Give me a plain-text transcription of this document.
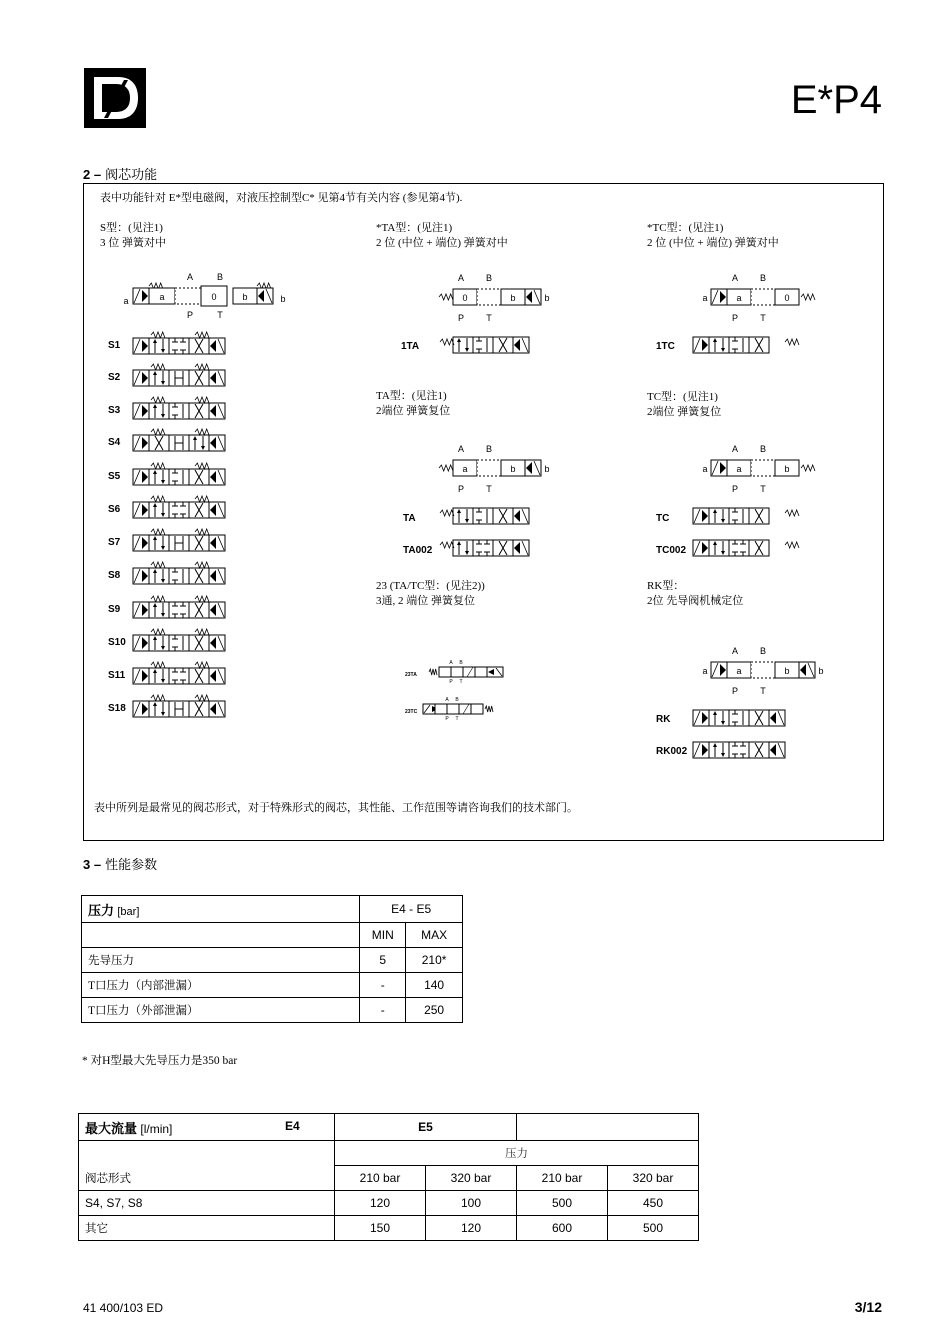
E*P4
2 – 阀芯功能
表中功能针对 E*型电磁阀，对液压控制型C* 见第4节有关内容 (参见第4节).
S型：(见注1)
3 位 弹簧对中
*TA型：(见注1)
2 位 (中位 + 端位) 弹簧对中
*TC型：(见注1)
2 位 (中位 + 端位) 弹簧对中
TA型：(见注1)
2端位 弹簧复位
TC型：(见注1)
2端位 弹簧复位
23 (TA/TC型：(见注2))
3通, 2 端位 弹簧复位
RK型：
2位 先导阀机械定位
A	B
a	a	0	b	b
P	T
A B
0	b	b
P T
A B
a	a	0
P T
A B
a	b	b
P T
A B
a	a	b
P T
A B
a	a	b	b
P T
A B
P T
A B
P T
S1
S2
S3
S4
S5
S6
S7
S8
S9
S10
S11
S18
1TA	1TC
TA
TA002
TC
TC002
RK
RK002
23TA
23TC
表中所列是最常见的阀芯形式，对于特殊形式的阀芯，其性能、工作范围等请咨询我们的技术部门。
3 – 性能参数
压力 [bar]	E4 - E5	
	MIN	MAX
先导压力	5	210*
T口压力（内部泄漏）	-	140
T口压力（外部泄漏）	-	250
* 对H型最大先导压力是350 bar
最大流量 [l/min] E4	E5			
	压力			
阀芯形式	210 bar	320 bar	210 bar	320 bar
S4, S7, S8	120	100	500	450
其它	150	120	600	500
41 400/103 ED	3/12
